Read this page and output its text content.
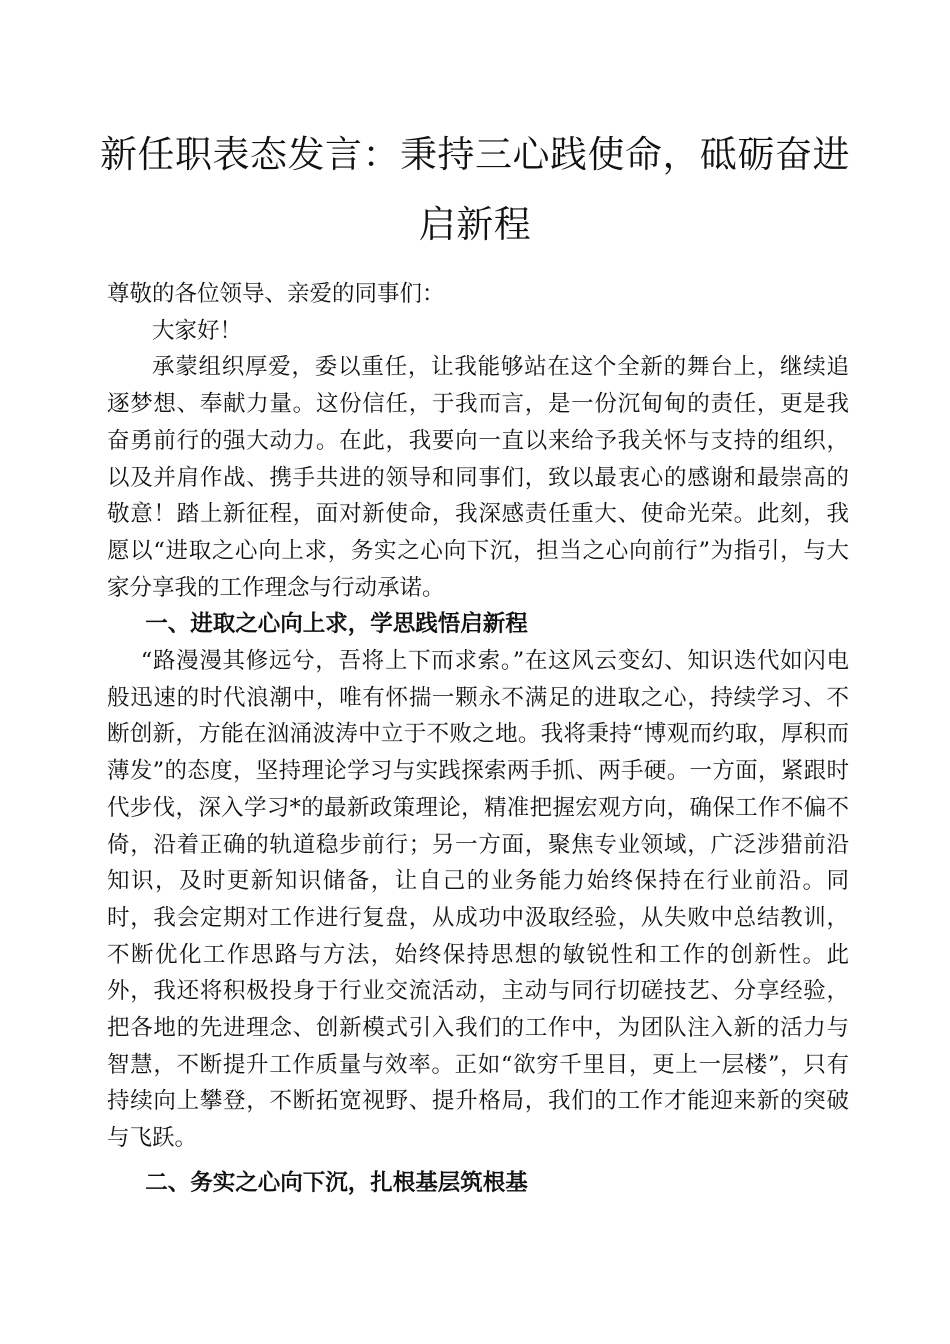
新任职表态发言：秉持三心践使命，砥砺奋进启新程

尊敬的各位领导、亲爱的同事们：

大家好！

承蒙组织厚爱，委以重任，让我能够站在这个全新的舞台上，继续追逐梦想、奉献力量。这份信任，于我而言，是一份沉甸甸的责任，更是我奋勇前行的强大动力。在此，我要向一直以来给予我关怀与支持的组织，以及并肩作战、携手共进的领导和同事们，致以最衷心的感谢和最崇高的敬意！踏上新征程，面对新使命，我深感责任重大、使命光荣。此刻，我愿以“进取之心向上求，务实之心向下沉，担当之心向前行”为指引，与大家分享我的工作理念与行动承诺。

一、进取之心向上求，学思践悟启新程

“路漫漫其修远兮，吾将上下而求索。”在这风云变幻、知识迭代如闪电般迅速的时代浪潮中，唯有怀揣一颗永不满足的进取之心，持续学习、不断创新，方能在汹涌波涛中立于不败之地。我将秉持“博观而约取，厚积而薄发”的态度，坚持理论学习与实践探索两手抓、两手硬。一方面，紧跟时代步伐，深入学习*的最新政策理论，精准把握宏观方向，确保工作不偏不倚，沿着正确的轨道稳步前行；另一方面，聚焦专业领域，广泛涉猎前沿知识，及时更新知识储备，让自己的业务能力始终保持在行业前沿。同时，我会定期对工作进行复盘，从成功中汲取经验，从失败中总结教训，不断优化工作思路与方法，始终保持思想的敏锐性和工作的创新性。此外，我还将积极投身于行业交流活动，主动与同行切磋技艺、分享经验，把各地的先进理念、创新模式引入我们的工作中，为团队注入新的活力与智慧，不断提升工作质量与效率。正如“欲穷千里目，更上一层楼”，只有持续向上攀登，不断拓宽视野、提升格局，我们的工作才能迎来新的突破与飞跃。

二、务实之心向下沉，扎根基层筑根基
